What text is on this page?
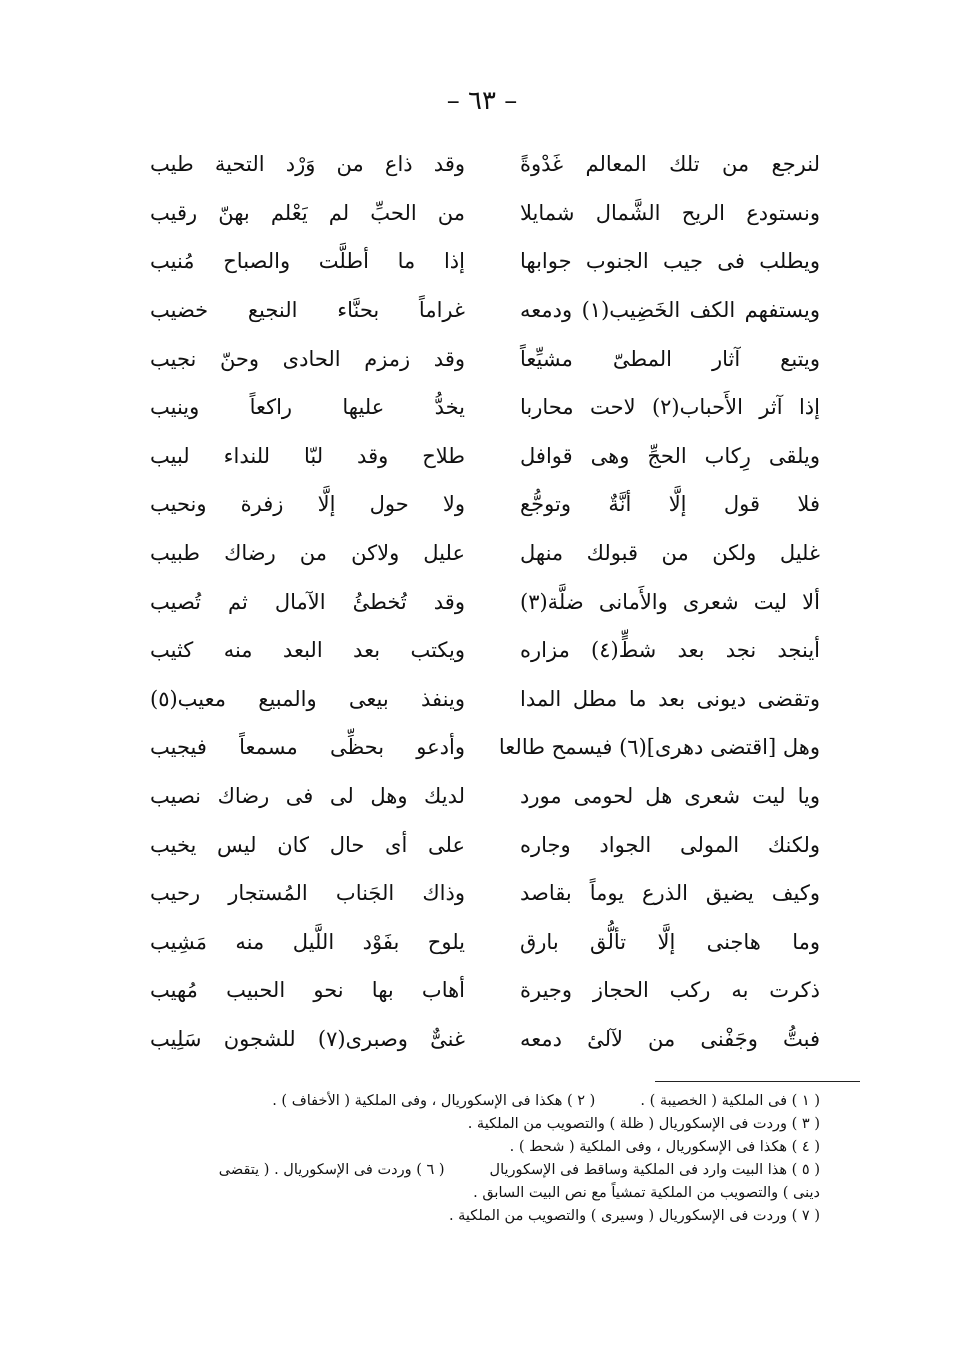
– ٦٣ –
لنرجع من تلك المعالم غَدْوةً
وقد ذاع من وَرْد التحية طيب
ونستودع الريح الشَّمال شمايلا
من الحبِّ لم يَعْلم بهنّ رقيب
ويطلب فى جيب الجنوب جوابها
إذا ما أطلَّت والصباح مُنيب
ويستفهم الكف الخَضِيب(١) ودمعه
غراماً بحنَّاء النجيع خضيب
ويتبع آثار المطىّ مشيِّعاً
وقد زمزم الحادى وحنّ نجيب
إذا آثر الأَحباب(٢) لاحت محاربا
يخدُّ عليها راكعاً وينيب
ويلقى رِكاب الحجِّ وهى قوافل
طلاح وقد لبّا للنداء لبيب
فلا قول إلَّا أنَّةٌ وتوجُّع
ولا حول إلَّا زفرة ونحيب
غليل ولكن من قبولك منهل
عليل ولاكن من رضاك طبيب
ألا ليت شعرى والأَمانى ضلَّة(٣)
وقد تُخطئُ الآمال ثم تُصيب
أينجد نجد بعد شطٍّ(٤) مزاره
ويكتب بعد البعد منه كثيب
وتقضى ديونى بعد ما مطل المدا
وينفذ بيعى والمبيع معيب(٥)
وهل [اقتضى دهرى](٦) فيسمح طالعا
وأدعو بحظِّى مسمعاً فيجيب
ويا ليت شعرى هل لحومى مورد
لديك وهل لى فى رضاك نصيب
ولكنك المولى الجواد وجاره
على أى حال كان ليس يخيب
وكيف يضيق الذرع يوماً بقاصد
وذاك الجَناب المُستجار رحيب
وما هاجنى إلَّا تألُّق بارق
يلوح بفَوْد اللَّيل منه مَشِيب
ذكرت به ركب الحجاز وجيرة
أهاب بها نحو الحبيب مُهيب
فبتُّ وجَفْنى من لآلئ دمعه
غنىٌّ وصبرى(٧) للشجون سَلِيب
( ١ ) فى الملكية ( الخصيبة ) .
( ٢ ) هكذا فى الإسكوريال ، وفى الملكية ( الأخفاف ) .
( ٣ ) وردت فى الإسكوريال ( ظلة ) والتصويب من الملكية .
( ٤ ) هكذا فى الإسكوريال ، وفى الملكية ( شحط ) .
( ٥ ) هذا البيت وارد فى الملكية وساقط فى الإسكوريال
( ٦ ) وردت فى الإسكوريال . ( يتقضى
دينى ) والتصويب من الملكية تمشياً مع نص البيت السابق .
( ٧ ) وردت فى الإسكوريال ( وسيرى ) والتصويب من الملكية .
